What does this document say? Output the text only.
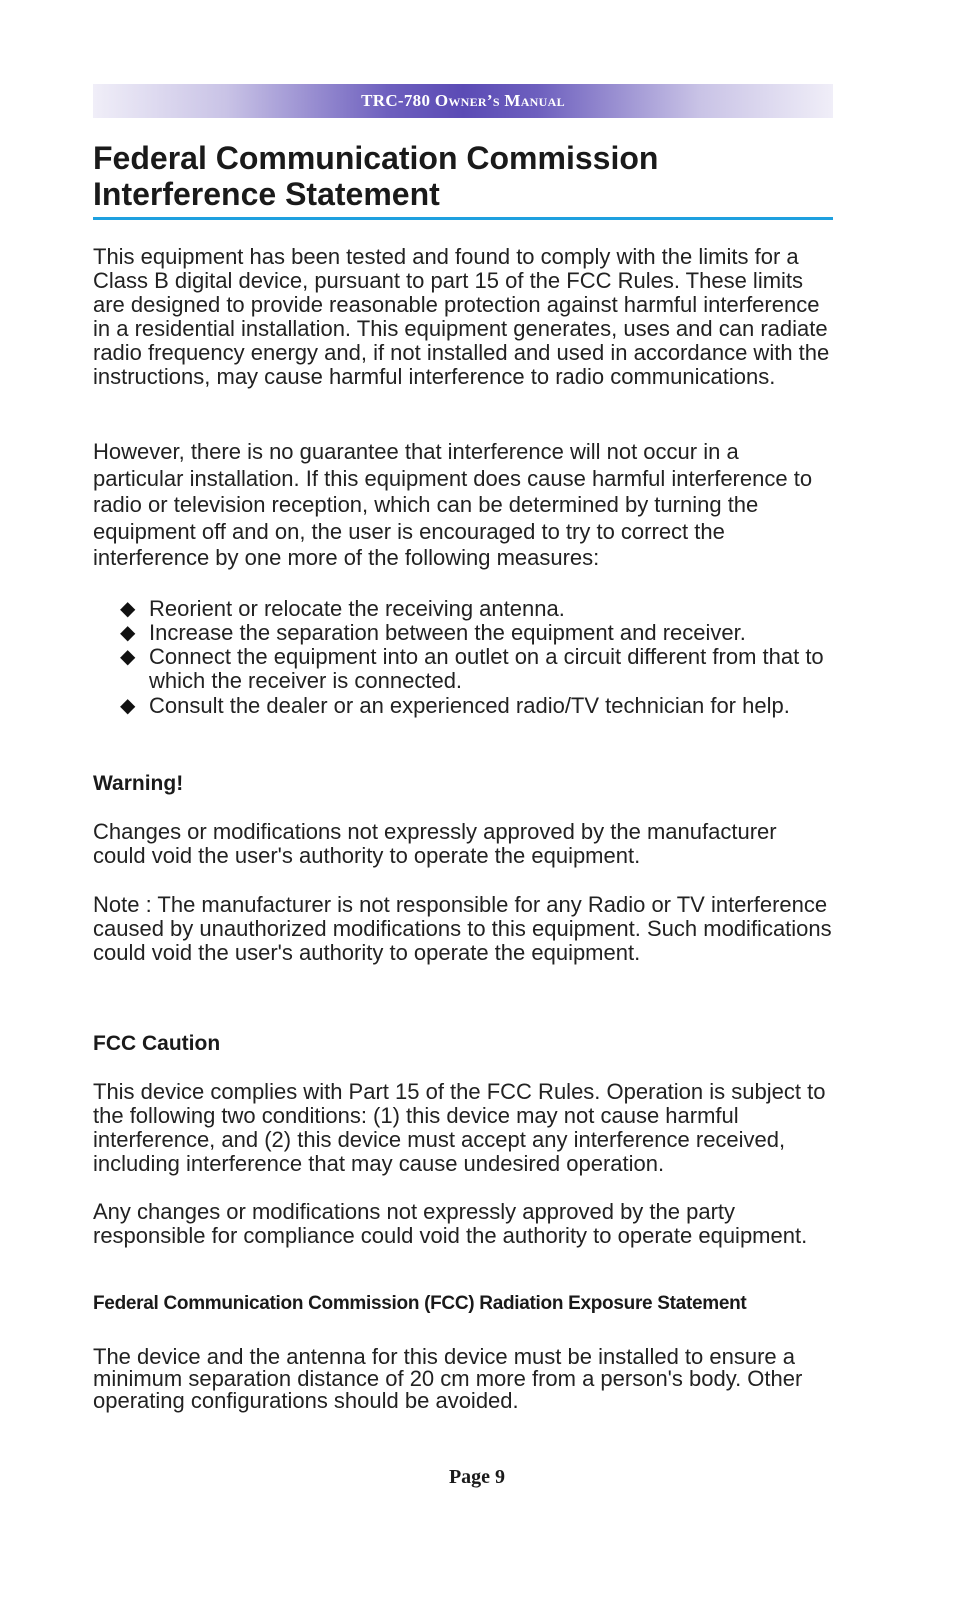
TRC-780 Owner’s Manual
Federal Communication Commission
Interference Statement

This equipment has been tested and found to comply with the limits for a Class B digital device, pursuant to part 15 of the FCC Rules. These limits are designed to provide reasonable protection against harmful interference in a residential installation. This equipment generates, uses and can radiate radio frequency energy and, if not installed and used in accordance with the instructions, may cause harmful interference to radio communications.

However, there is no guarantee that interference will not occur in a particular installation. If this equipment does cause harmful interference to radio or television reception, which can be determined by turning the equipment off and on, the user is encouraged to try to correct the interference by one more of the following measures:

◆ Reorient or relocate the receiving antenna.
◆ Increase the separation between the equipment and receiver.
◆ Connect the equipment into an outlet on a circuit different from that to which the receiver is connected.
◆ Consult the dealer or an experienced radio/TV technician for help.
Warning!

Changes or modifications not expressly approved by the manufacturer could void the user's authority to operate the equipment.

Note : The manufacturer is not responsible for any Radio or TV interference caused by unauthorized modifications to this equipment. Such modifications could void the user's authority to operate the equipment.

FCC Caution

This device complies with Part 15 of the FCC Rules. Operation is subject to the following two conditions: (1) this device may not cause harmful interference, and (2) this device must accept any interference received, including interference that may cause undesired operation.

Any changes or modifications not expressly approved by the party responsible for compliance could void the authority to operate equipment.

Federal Communication Commission (FCC) Radiation Exposure Statement

The device and the antenna for this device must be installed to ensure a minimum separation distance of 20 cm more from a person's body. Other operating configurations should be avoided.

Page 9
